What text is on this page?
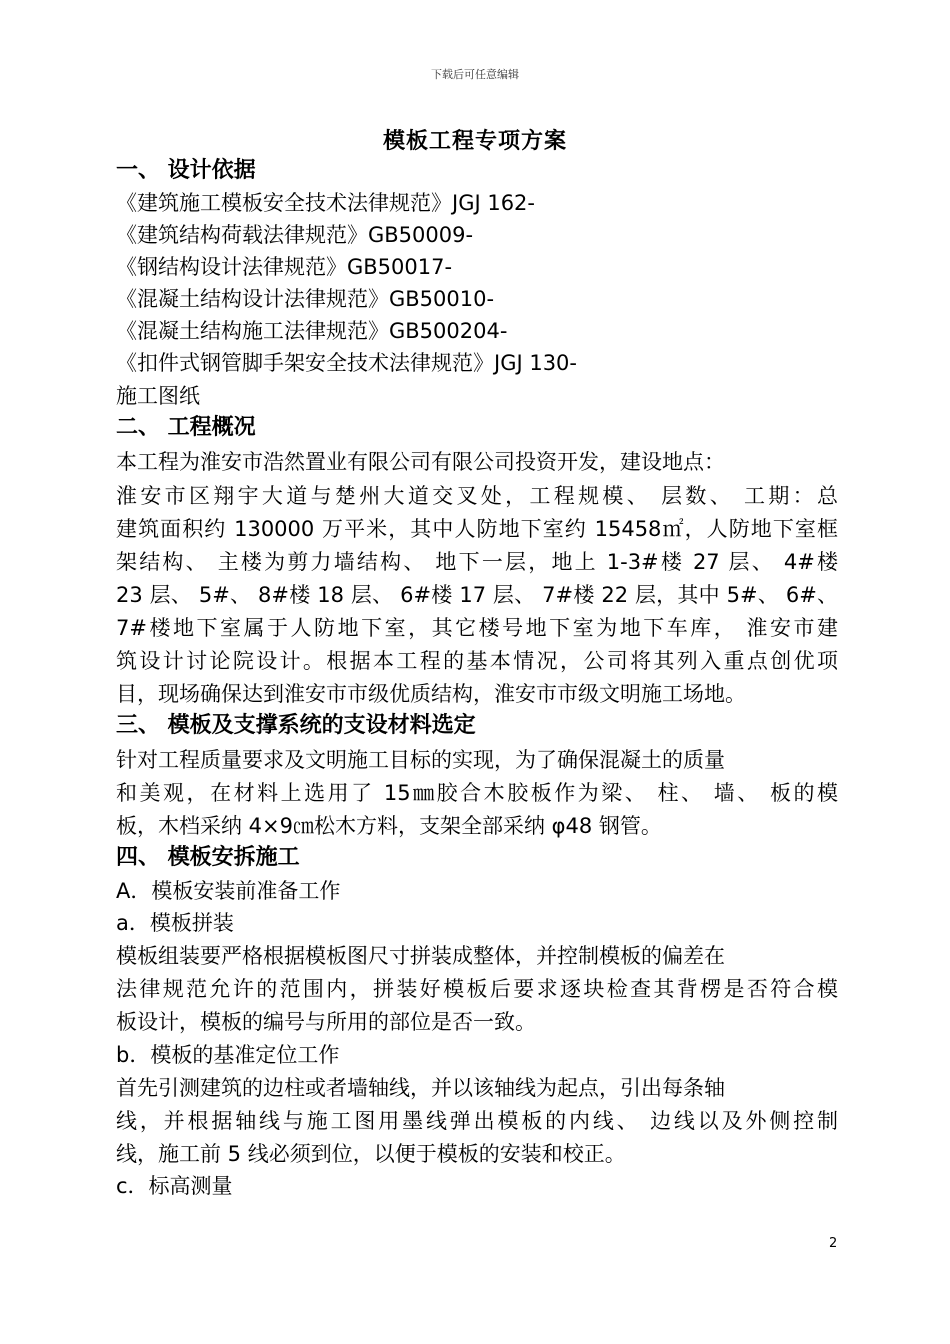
下载后可任意编辑
模板工程专项方案
一、 设计依据
《建筑施工模板安全技术法律规范》JGJ 162-
《建筑结构荷载法律规范》GB50009-
《钢结构设计法律规范》GB50017-
《混凝土结构设计法律规范》GB50010-
《混凝土结构施工法律规范》GB500204-
《扣件式钢管脚手架安全技术法律规范》JGJ 130-
施工图纸
二、 工程概况
本工程为淮安市浩然置业有限公司有限公司投资开发，建设地点：
淮安市区翔宇大道与楚州大道交叉处，工程规模、 层数、 工期：总
建筑面积约 130000 万平米，其中人防地下室约 15458㎡，人防地下室框
架结构、 主楼为剪力墙结构、 地下一层，地上 1-3#楼 27 层、 4#楼
23 层、 5#、 8#楼 18 层、 6#楼 17 层、 7#楼 22 层，其中 5#、 6#、
7#楼地下室属于人防地下室，其它楼号地下室为地下车库， 淮安市建
筑设计讨论院设计。根据本工程的基本情况，公司将其列入重点创优项
目，现场确保达到淮安市市级优质结构，淮安市市级文明施工场地。
三、 模板及支撑系统的支设材料选定
针对工程质量要求及文明施工目标的实现，为了确保混凝土的质量
和美观，在材料上选用了 15㎜胶合木胶板作为梁、 柱、 墙、 板的模
板，木档采纳 4×9㎝松木方料，支架全部采纳 φ48 钢管。
四、 模板安拆施工
A．模板安装前准备工作
a．模板拼装
模板组装要严格根据模板图尺寸拼装成整体，并控制模板的偏差在
法律规范允许的范围内，拼装好模板后要求逐块检查其背楞是否符合模
板设计，模板的编号与所用的部位是否一致。
b．模板的基准定位工作
首先引测建筑的边柱或者墙轴线，并以该轴线为起点，引出每条轴
线，并根据轴线与施工图用墨线弹出模板的内线、 边线以及外侧控制
线，施工前 5 线必须到位，以便于模板的安装和校正。
c．标高测量
2
